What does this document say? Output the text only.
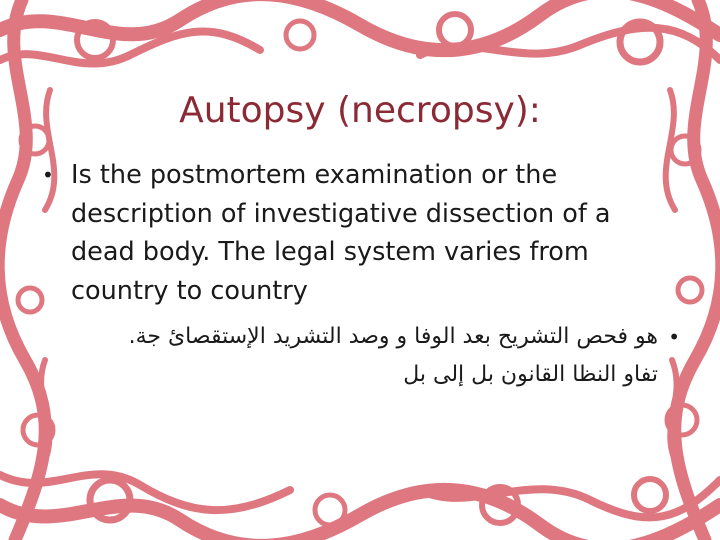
Autopsy (necropsy):
• Is the postmortem examination or the description of investigative dissection of a dead body. The legal system varies from country to country
•
هو فحص التشريح بعد الوفا و وصد التشريد الإستقصائ جة.
تفاو النظا القانون بل إلى بل
